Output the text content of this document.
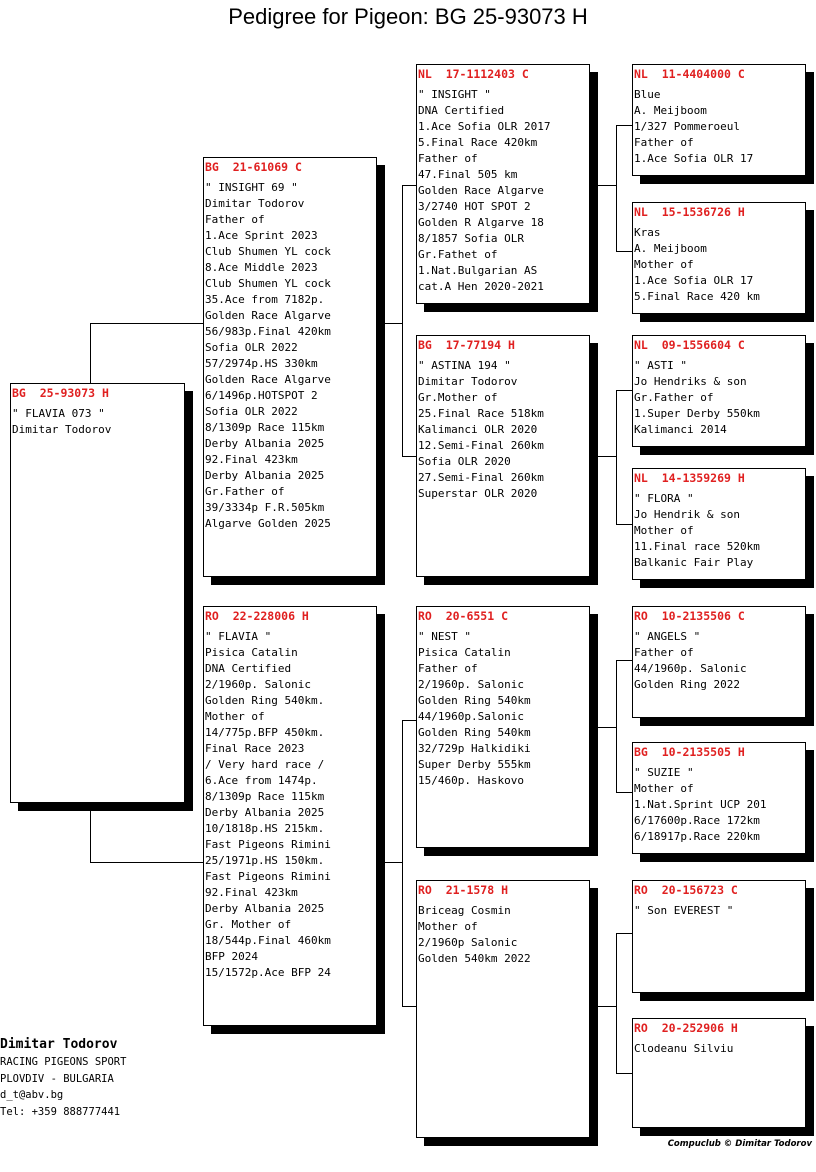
Pedigree for Pigeon: BG 25-93073 H
BG  25-93073 H
" FLAVIA 073 "
Dimitar Todorov
BG  21-61069 C
" INSIGHT 69 "
Dimitar Todorov
Father of
1.Ace Sprint 2023
Club Shumen YL cock
8.Ace Middle 2023
Club Shumen YL cock
35.Ace from 7182p.
Golden Race Algarve
56/983p.Final 420km
Sofia OLR 2022
57/2974p.HS 330km
Golden Race Algarve
6/1496p.HOTSPOT 2
Sofia OLR 2022
8/1309p Race 115km
Derby Albania 2025
92.Final 423km
Derby Albania 2025
Gr.Father of
39/3334p F.R.505km
Algarve Golden 2025
RO  22-228006 H
" FLAVIA "
Pisica Catalin
DNA Certified
2/1960p. Salonic
Golden Ring 540km.
Mother of
14/775p.BFP 450km.
Final Race 2023
/ Very hard race /
6.Ace from 1474p.
8/1309p Race 115km
Derby Albania 2025
10/1818p.HS 215km.
Fast Pigeons Rimini
25/1971p.HS 150km.
Fast Pigeons Rimini
92.Final 423km
Derby Albania 2025
Gr. Mother of
18/544p.Final 460km
BFP 2024
15/1572p.Ace BFP 24
NL  17-1112403 C
" INSIGHT "
DNA Certified
1.Ace Sofia OLR 2017
5.Final Race 420km
Father of
47.Final 505 km
Golden Race Algarve
3/2740 HOT SPOT 2
Golden R Algarve 18
8/1857 Sofia OLR
Gr.Fathet of
1.Nat.Bulgarian AS
cat.A Hen 2020-2021
BG  17-77194 H
" ASTINA 194 "
Dimitar Todorov
Gr.Mother of
25.Final Race 518km
Kalimanci OLR 2020
12.Semi-Final 260km
Sofia OLR 2020
27.Semi-Final 260km
Superstar OLR 2020
RO  20-6551 C
" NEST "
Pisica Catalin
Father of
2/1960p. Salonic
Golden Ring 540km
44/1960p.Salonic
Golden Ring 540km
32/729p Halkidiki
Super Derby 555km
15/460p. Haskovo
RO  21-1578 H
Briceag Cosmin
Mother of
2/1960p Salonic
Golden 540km 2022
NL  11-4404000 C
Blue
A. Meijboom
1/327 Pommeroeul
Father of
1.Ace Sofia OLR 17
NL  15-1536726 H
Kras
A. Meijboom
Mother of
1.Ace Sofia OLR 17
5.Final Race 420 km
NL  09-1556604 C
" ASTI "
Jo Hendriks & son
Gr.Father of
1.Super Derby 550km
Kalimanci 2014
NL  14-1359269 H
" FLORA "
Jo Hendrik & son
Mother of
11.Final race 520km
Balkanic Fair Play
RO  10-2135506 C
" ANGELS "
Father of
44/1960p. Salonic
Golden Ring 2022
BG  10-2135505 H
" SUZIE "
Mother of
1.Nat.Sprint UCP 201
6/17600p.Race 172km
6/18917p.Race 220km
RO  20-156723 C
" Son EVEREST "
RO  20-252906 H
Clodeanu Silviu
Dimitar Todorov
RACING PIGEONS SPORT
PLOVDIV - BULGARIA
d_t@abv.bg
Tel: +359 888777441
Compuclub © Dimitar Todorov
